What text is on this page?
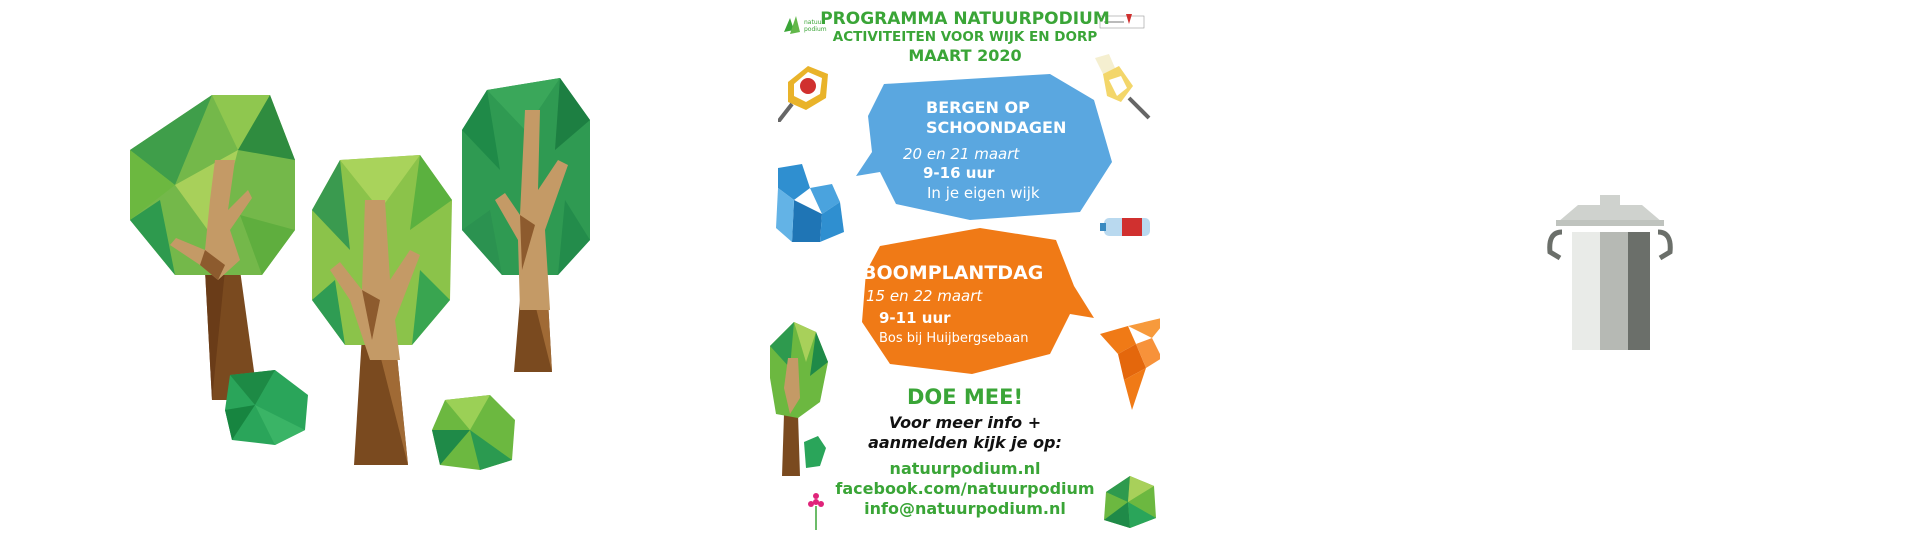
natuur
podium
PROGRAMMA NATUURPODIUM
ACTIVITEITEN VOOR WIJK EN DORP
MAART 2020
BERGEN OP
SCHOONDAGEN
20 en 21 maart
9-16 uur
In je eigen wijk
BOOMPLANTDAG
15 en 22 maart
9-11 uur
Bos bij Huijbergsebaan
DOE MEE!
Voor meer info +
aanmelden kijk je op:
natuurpodium.nl
facebook.com/natuurpodium
info@natuurpodium.nl
